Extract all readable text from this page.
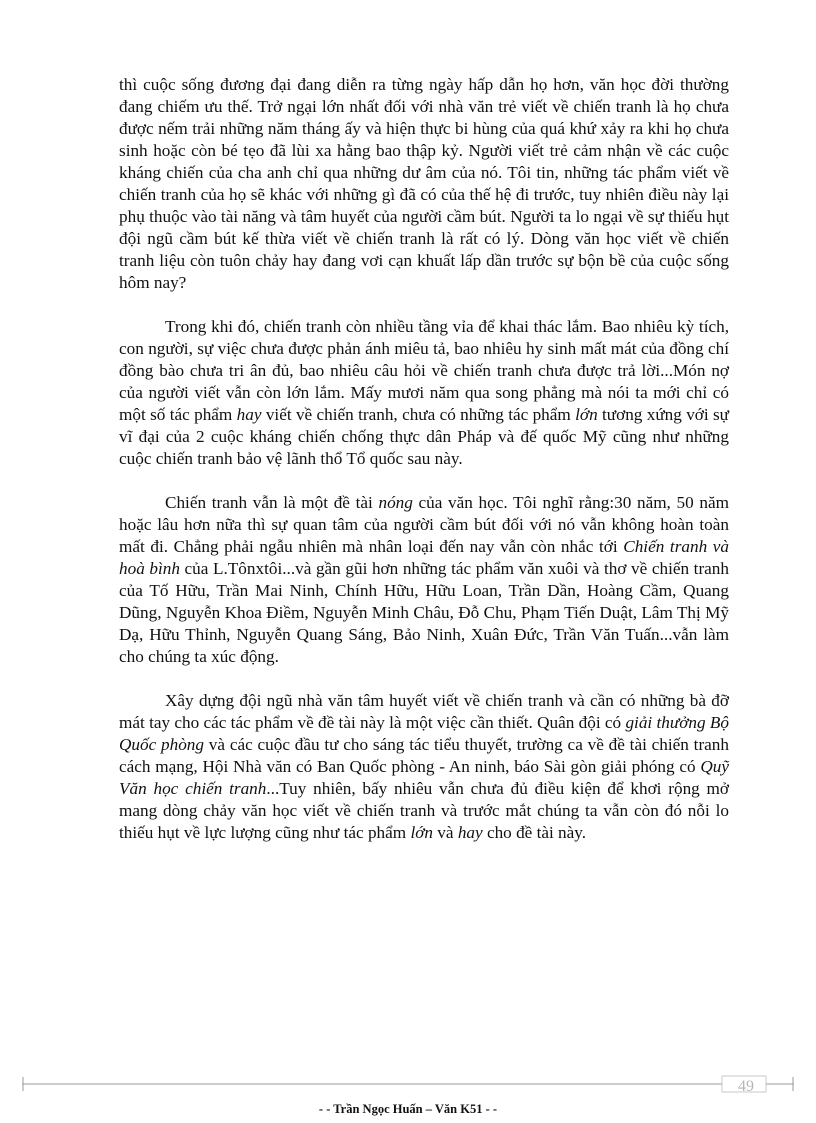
thì cuộc sống đương đại đang diễn ra từng ngày hấp dẫn họ hơn, văn học đời thường đang chiếm ưu thế. Trở ngại lớn nhất đối với nhà văn trẻ viết về chiến tranh là họ chưa được nếm trải những năm tháng ấy và hiện thực bi hùng của quá khứ xảy ra khi họ chưa sinh hoặc còn bé tẹo đã lùi xa hằng bao thập kỷ. Người viết trẻ cảm nhận về các cuộc kháng chiến của cha anh chỉ qua những dư âm của nó. Tôi tin, những tác phẩm viết về chiến tranh của họ sẽ khác với những gì đã có của thế hệ đi trước, tuy nhiên điều này lại phụ thuộc vào tài năng và tâm huyết của người cầm bút. Người ta lo ngại về sự thiếu hụt đội ngũ cầm bút kế thừa viết về chiến tranh là rất có lý. Dòng văn học viết về chiến tranh liệu còn tuôn chảy hay đang vơi cạn khuất lấp dần trước sự bộn bề của cuộc sống hôm nay?

Trong khi đó, chiến tranh còn nhiều tầng vỉa để khai thác lắm. Bao nhiêu kỳ tích, con người, sự việc chưa được phản ánh miêu tả, bao nhiêu hy sinh mất mát của đồng chí đồng bào chưa tri ân đủ, bao nhiêu câu hỏi về chiến tranh chưa được trả lời...Món nợ của người viết vẫn còn lớn lắm. Mấy mươi năm qua song phẳng mà nói ta mới chỉ có một số tác phẩm hay viết về chiến tranh, chưa có những tác phẩm lớn tương xứng với sự vĩ đại của 2 cuộc kháng chiến chống thực dân Pháp và đế quốc Mỹ cũng như những cuộc chiến tranh bảo vệ lãnh thổ Tổ quốc sau này.

Chiến tranh vẫn là một đề tài nóng của văn học. Tôi nghĩ rằng:30 năm, 50 năm hoặc lâu hơn nữa thì sự quan tâm của người cầm bút đối với nó vẫn không hoàn toàn mất đi. Chẳng phải ngẫu nhiên mà nhân loại đến nay vẫn còn nhắc tới Chiến tranh và hoà bình của L.Tônxtôi...và gần gũi hơn những tác phẩm văn xuôi và thơ về chiến tranh của Tố Hữu, Trần Mai Ninh, Chính Hữu, Hữu Loan, Trần Dần, Hoàng Cầm, Quang Dũng, Nguyễn Khoa Điềm, Nguyễn Minh Châu, Đỗ Chu, Phạm Tiến Duật, Lâm Thị Mỹ Dạ, Hữu Thỉnh, Nguyễn Quang Sáng, Bảo Ninh, Xuân Đức, Trần Văn Tuấn...vẫn làm cho chúng ta xúc động.

Xây dựng đội ngũ nhà văn tâm huyết viết về chiến tranh và cần có những bà đỡ mát tay cho các tác phẩm về đề tài này là một việc cần thiết. Quân đội có giải thưởng Bộ Quốc phòng và các cuộc đầu tư cho sáng tác tiểu thuyết, trường ca về đề tài chiến tranh cách mạng, Hội Nhà văn có Ban Quốc phòng - An ninh, báo Sài gòn giải phóng có Quỹ Văn học chiến tranh...Tuy nhiên, bấy nhiêu vẫn chưa đủ điều kiện để khơi rộng mở mang dòng chảy văn học viết về chiến tranh và trước mắt chúng ta vẫn còn đó nỗi lo thiếu hụt về lực lượng cũng như tác phẩm lớn và hay cho đề tài này.

49
- - Trần Ngọc Huấn – Văn K51 - -
